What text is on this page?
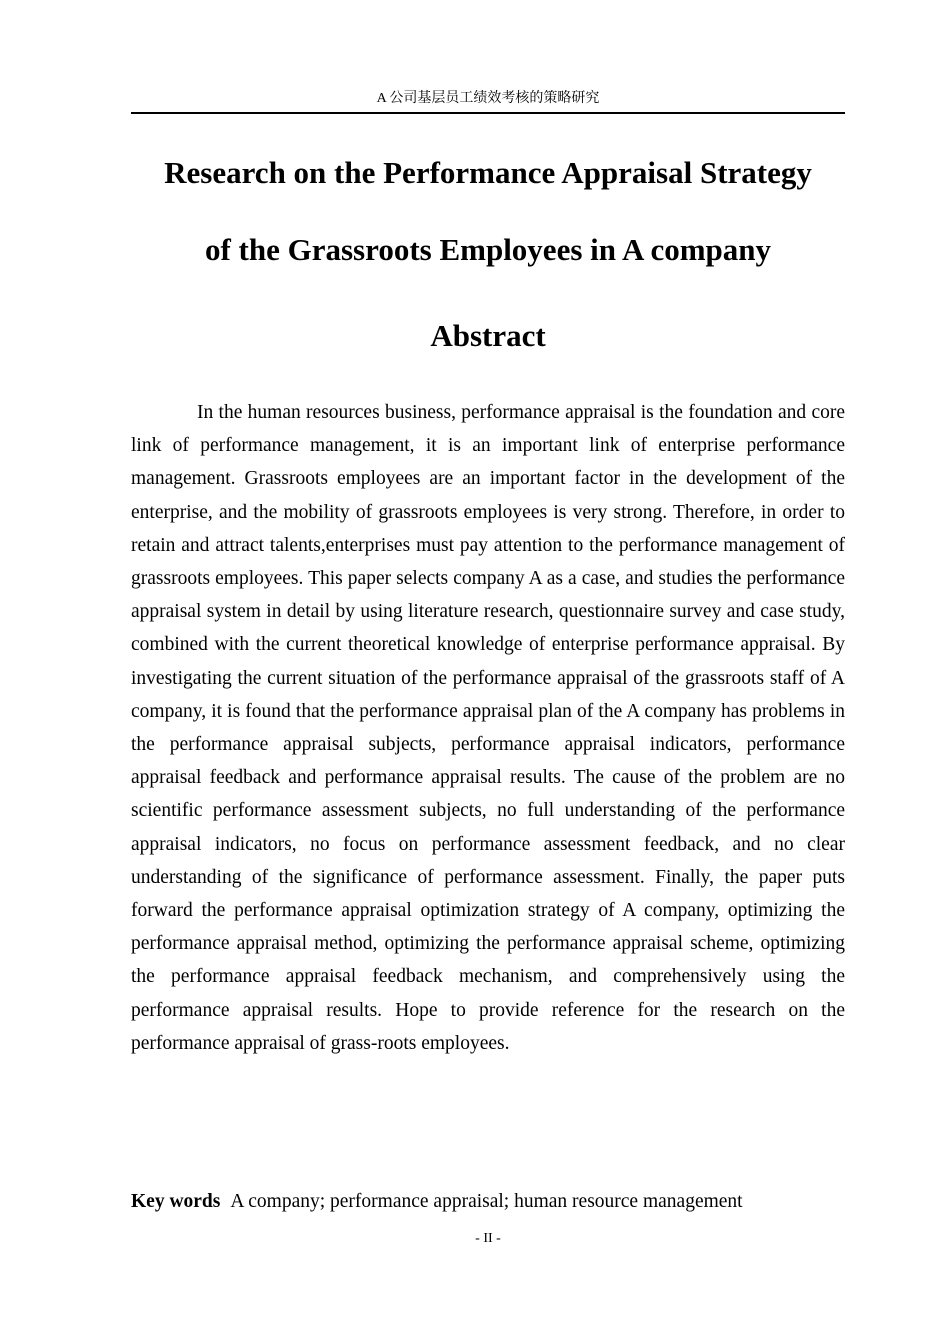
A 公司基层员工绩效考核的策略研究
Research on the Performance Appraisal Strategy
of the Grassroots Employees in A company
Abstract

In the human resources business, performance appraisal is the foundation and core link of performance management, it is an important link of enterprise performance management. Grassroots employees are an important factor in the development of the enterprise, and the mobility of grassroots employees is very strong. Therefore, in order to retain and attract talents,enterprises must pay attention to the performance management of grassroots employees. This paper selects company A as a case, and studies the performance appraisal system in detail by using literature research, questionnaire survey and case study, combined with the current theoretical knowledge of enterprise performance appraisal. By investigating the current situation of the performance appraisal of the grassroots staff of A company, it is found that the performance appraisal plan of the A company has problems in the performance appraisal subjects, performance appraisal indicators, performance appraisal feedback and performance appraisal results. The cause of the problem are no scientific performance assessment subjects, no full understanding of the performance appraisal indicators, no focus on performance assessment feedback, and no clear understanding of the significance of performance assessment. Finally, the paper puts forward the performance appraisal optimization strategy of A company, optimizing the performance appraisal method, optimizing the performance appraisal scheme, optimizing the performance appraisal feedback mechanism, and comprehensively using the performance appraisal results. Hope to provide reference for the research on the performance appraisal of grass-roots employees.

Key words A company; performance appraisal; human resource management
- II -
